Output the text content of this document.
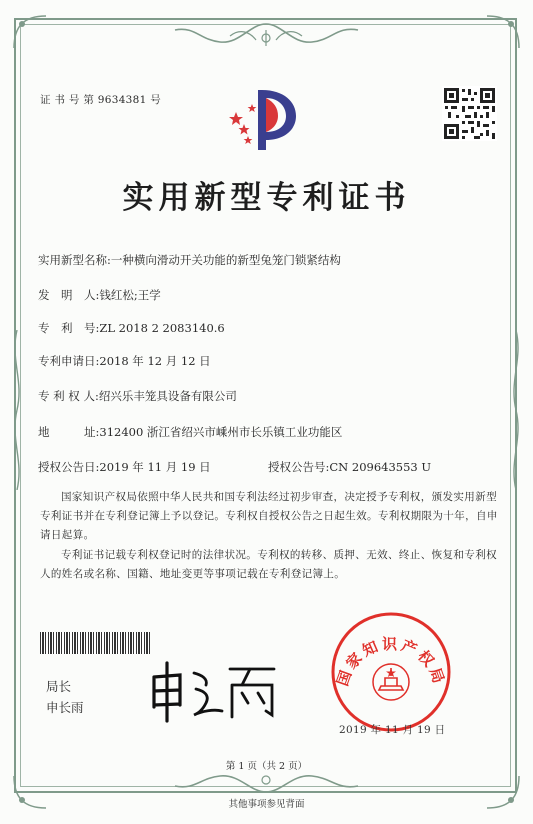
证 书 号 第 9634381 号
实用新型专利证书
实用新型名称:一种横向滑动开关功能的新型兔笼门锁紧结构
发　明　人:钱红松;王学
专　利　号:ZL 2018 2 2083140.6
专利申请日:2018 年 12 月 12 日
专 利 权 人:绍兴乐丰笼具设备有限公司
地　　　址:312400 浙江省绍兴市嵊州市长乐镇工业功能区
授权公告日:2019 年 11 月 19 日	授权公告号:CN 209643553 U
国家知识产权局依照中华人民共和国专利法经过初步审查，决定授予专利权，颁发实用新型专利证书并在专利登记簿上予以登记。专利权自授权公告之日起生效。专利权期限为十年，自申请日起算。
专利证书记载专利权登记时的法律状况。专利权的转移、质押、无效、终止、恢复和专利权人的姓名或名称、国籍、地址变更等事项记载在专利登记簿上。
局长
申长雨
国家知识产权局
2019 年 11 月 19 日
第 1 页（共 2 页）
其他事项参见背面
